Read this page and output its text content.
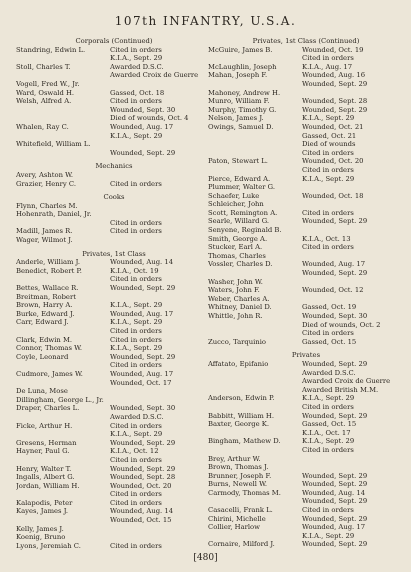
107th INFANTRY, U.S.A.
Corporals (Continued)
Standring, Edwin L.	Cited in orders
K.I.A., Sept. 29
Stoll, Charles T.	Awarded D.S.C.
Awarded Croix de Guerre
Vogell, Fred W., Jr.
Ward, Oswald H.	Gassed, Oct. 18
Welsh, Alfred A.	Cited in orders
Wounded, Sept. 30
Died of wounds, Oct. 4
Whalen, Ray C.	Wounded, Aug. 17
K.I.A., Sept. 29
Whitefield, William L.
Wounded, Sept. 29
Mechanics
Avery, Ashton W.
Grazier, Henry C.	Cited in orders
Cooks
Flynn, Charles M.
Hohenrath, Daniel, Jr.
Cited in orders
Madill, James R.	Cited in orders
Wager, Wilmot J.
Privates, 1st Class
Anderle, William J.	Wounded, Aug. 14
Benedict, Robert P.	K.I.A., Oct. 19
Cited in orders
Bettes, Wallace R.	Wounded, Sept. 29
Breitman, Robert
Brown, Harry A.	K.I.A., Sept. 29
Burke, Edward J.	Wounded, Aug. 17
Carr, Edward J.	K.I.A., Sept. 29
Cited in orders
Clark, Edwin M.	Cited in orders
Connor, Thomas W.	K.I.A., Sept. 29
Coyle, Leonard	Wounded, Sept. 29
Cited in orders
Cudmore, James W.	Wounded, Aug. 17
Wounded, Oct. 17
De Luna, Mose
Dillingham, George L., Jr.
Draper, Charles L.	Wounded, Sept. 30
Awarded D.S.C.
Ficke, Arthur H.	Cited in orders
K.I.A., Sept. 29
Gresens, Herman	Wounded, Sept. 29
Hayner, Paul G.	K.I.A., Oct. 12
Cited in orders
Henry, Walter T.	Wounded, Sept. 29
Ingalls, Albert G.	Wounded, Sept. 28
Jordan, William H.	Wounded, Oct. 20
Cited in orders
Kalapodis, Peter	Cited in orders
Kayes, James J.	Wounded, Aug. 14
Wounded, Oct. 15
Kelly, James J.
Koenig, Bruno
Lyons, Jeremiah C.	Cited in orders
Privates, 1st Class (Continued)
McGuire, James B.	Wounded, Oct. 19
Cited in orders
McLaughlin, Joseph	K.I.A., Aug. 17
Mahan, Joseph F.	Wounded, Aug. 16
Wounded, Sept. 29
Mahoney, Andrew H.
Munro, William F.	Wounded, Sept. 28
Murphy, Timothy G.	Wounded, Sept. 29
Nelson, James J.	K.I.A., Sept. 29
Owings, Samuel D.	Wounded, Oct. 21
Gassed, Oct. 21
Died of wounds
Cited in orders
Paton, Stewart L.	Wounded, Oct. 20
Cited in orders
Pierce, Edward A.	K.I.A., Sept. 29
Plummer, Walter G.
Schaefer, Luke	Wounded, Oct. 18
Schleicher, John
Scott, Remington A.	Cited in orders
Searle, Willard G.	Wounded, Sept. 29
Senyene, Reginald B.
Smith, George A.	K.I.A., Oct. 13
Stucker, Earl A.	Cited in orders
Thomas, Charles
Vossler, Charles D.	Wounded, Aug. 17
Wounded, Sept. 29
Washer, John W.
Waters, John F.	Wounded, Oct. 12
Weber, Charles A.
Whitney, Daniel D.	Gassed, Oct. 19
Whittle, John R.	Wounded, Sept. 30
Died of wounds, Oct. 2
Cited in orders
Zucco, Tarquinio	Gassed, Oct. 15
Privates
Affatato, Epifanio	Wounded, Sept. 29
Awarded D.S.C.
Awarded Croix de Guerre
Awarded British M.M.
Anderson, Edwin P.	K.I.A., Sept. 29
Cited in orders
Babbitt, William H.	Wounded, Sept. 29
Baxter, George K.	Gassed, Oct. 15
K.I.A., Oct. 17
Bingham, Mathew D.	K.I.A., Sept. 29
Cited in orders
Brey, Arthur W.
Brown, Thomas J.
Brunner, Joseph F.	Wounded, Sept. 29
Burns, Newell W.	Wounded, Sept. 29
Carmody, Thomas M.	Wounded, Aug. 14
Wounded, Sept. 29
Casacelli, Frank L.	Cited in orders
Chirini, Michelle	Wounded, Sept. 29
Collier, Harlow	Wounded, Aug. 17
K.I.A., Sept. 29
Cornaire, Milford J.	Wounded, Sept. 29
[480]
